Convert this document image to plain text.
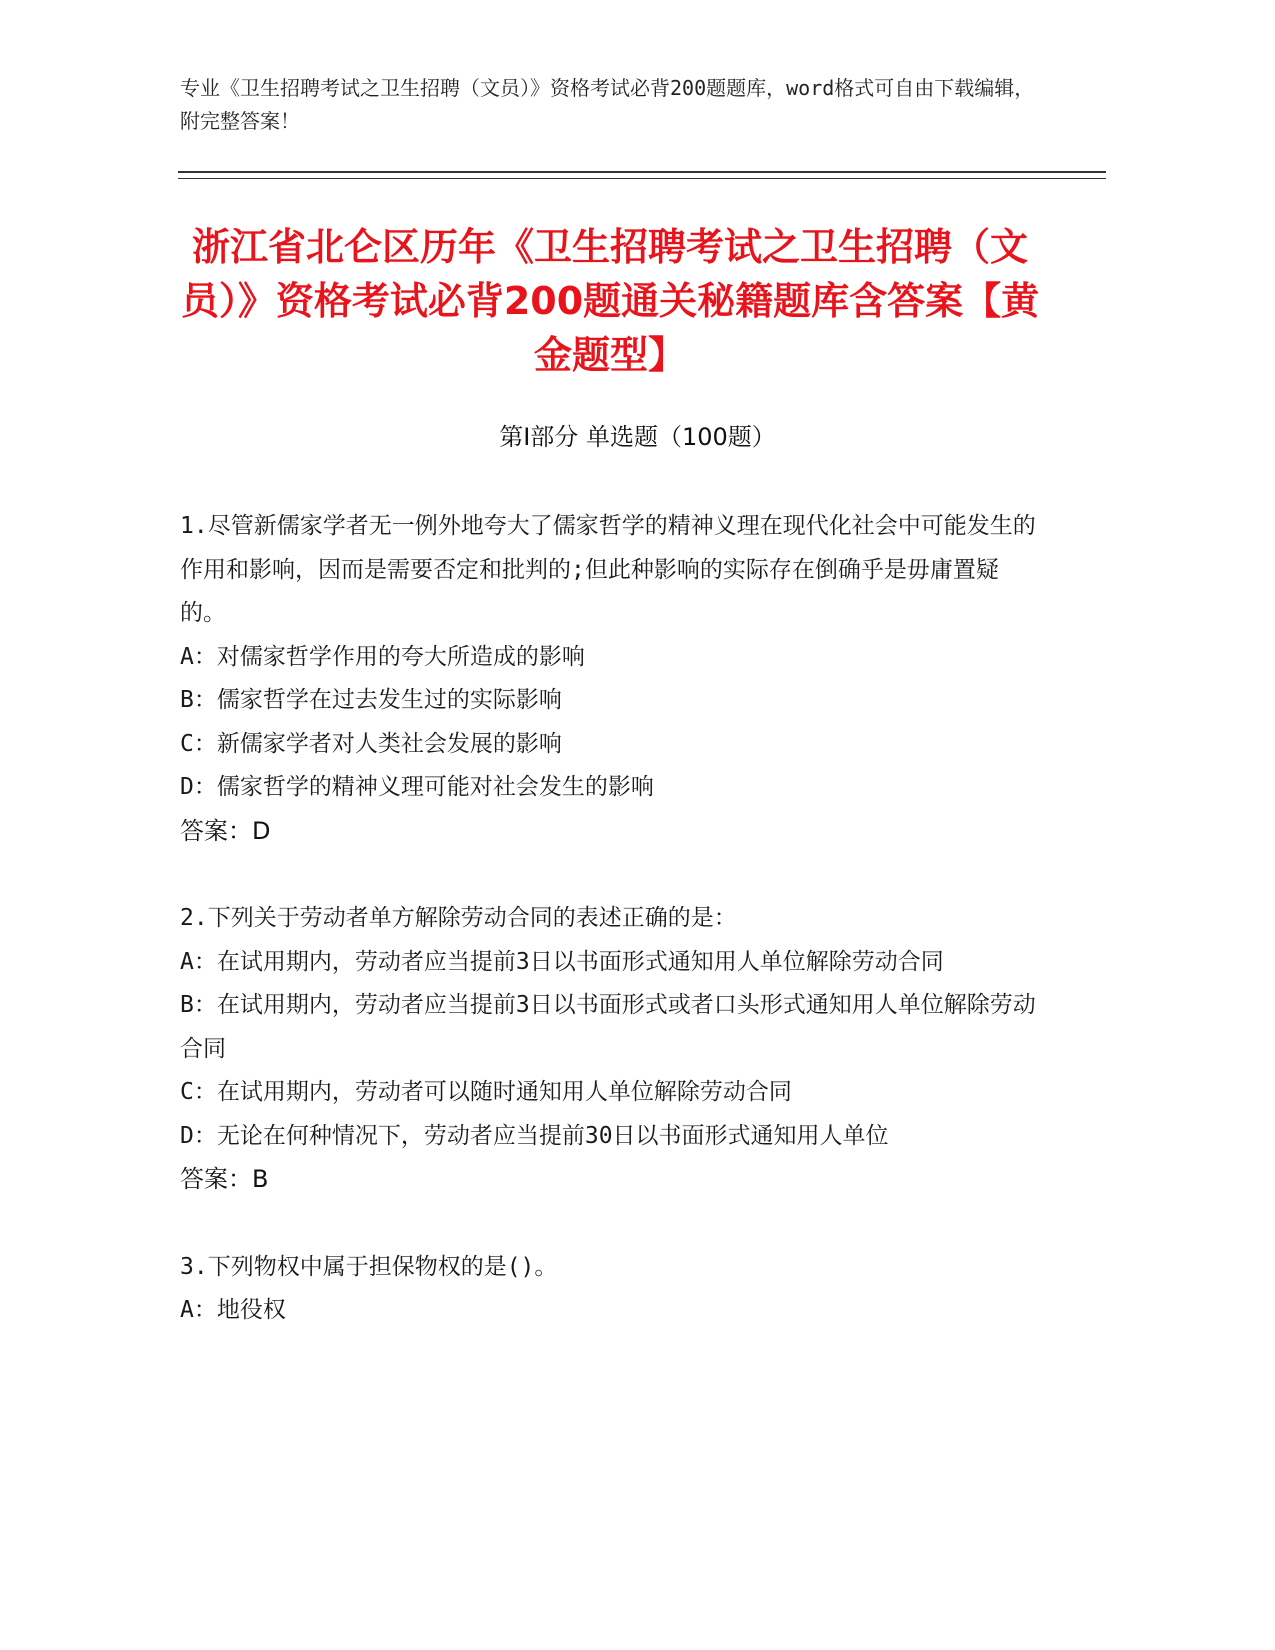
专业《卫生招聘考试之卫生招聘（文员）》资格考试必背200题题库，word格式可自由下载编辑，附完整答案！
浙江省北仑区历年《卫生招聘考试之卫生招聘（文员）》资格考试必背200题通关秘籍题库含答案【黄金题型】
第Ⅰ部分 单选题（100题）

1.尽管新儒家学者无一例外地夸大了儒家哲学的精神义理在现代化社会中可能发生的作用和影响，因而是需要否定和批判的;但此种影响的实际存在倒确乎是毋庸置疑的。

A：对儒家哲学作用的夸大所造成的影响

B：儒家哲学在过去发生过的实际影响

C：新儒家学者对人类社会发展的影响

D：儒家哲学的精神义理可能对社会发生的影响

答案：D

2.下列关于劳动者单方解除劳动合同的表述正确的是：

A：在试用期内，劳动者应当提前3日以书面形式通知用人单位解除劳动合同

B：在试用期内，劳动者应当提前3日以书面形式或者口头形式通知用人单位解除劳动合同

C：在试用期内，劳动者可以随时通知用人单位解除劳动合同

D：无论在何种情况下，劳动者应当提前30日以书面形式通知用人单位

答案：B

3.下列物权中属于担保物权的是()。

A：地役权
